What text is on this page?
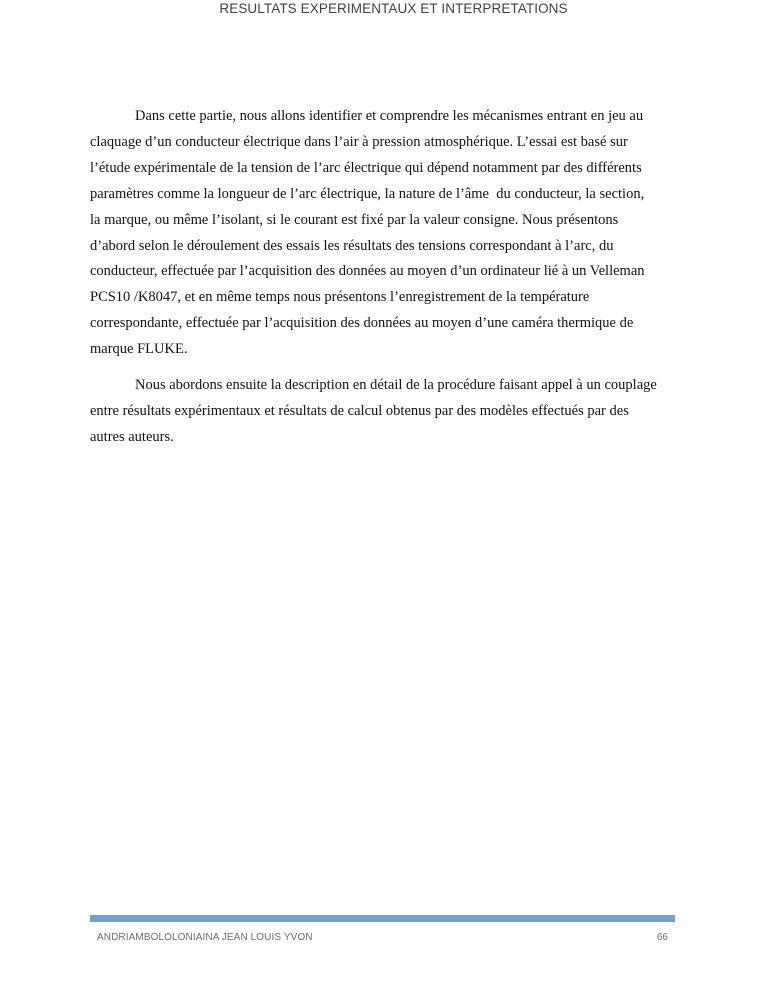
RESULTATS EXPERIMENTAUX ET INTERPRETATIONS
Dans cette partie, nous allons identifier et comprendre les mécanismes entrant en jeu au
claquage d’un conducteur électrique dans l’air à pression atmosphérique. L’essai est basé sur
l’étude expérimentale de la tension de l’arc électrique qui dépend notamment par des différents
paramètres comme la longueur de l’arc électrique, la nature de l’âme  du conducteur, la section,
la marque, ou même l’isolant, si le courant est fixé par la valeur consigne. Nous présentons
d’abord selon le déroulement des essais les résultats des tensions correspondant à l’arc, du
conducteur, effectuée par l’acquisition des données au moyen d’un ordinateur lié à un Velleman
PCS10 /K8047, et en même temps nous présentons l’enregistrement de la température
correspondante, effectuée par l’acquisition des données au moyen d’une caméra thermique de
marque FLUKE.
Nous abordons ensuite la description en détail de la procédure faisant appel à un couplage
entre résultats expérimentaux et résultats de calcul obtenus par des modèles effectués par des
autres auteurs.
ANDRIAMBOLOLONIAINA JEAN LOUIS YVON	66
